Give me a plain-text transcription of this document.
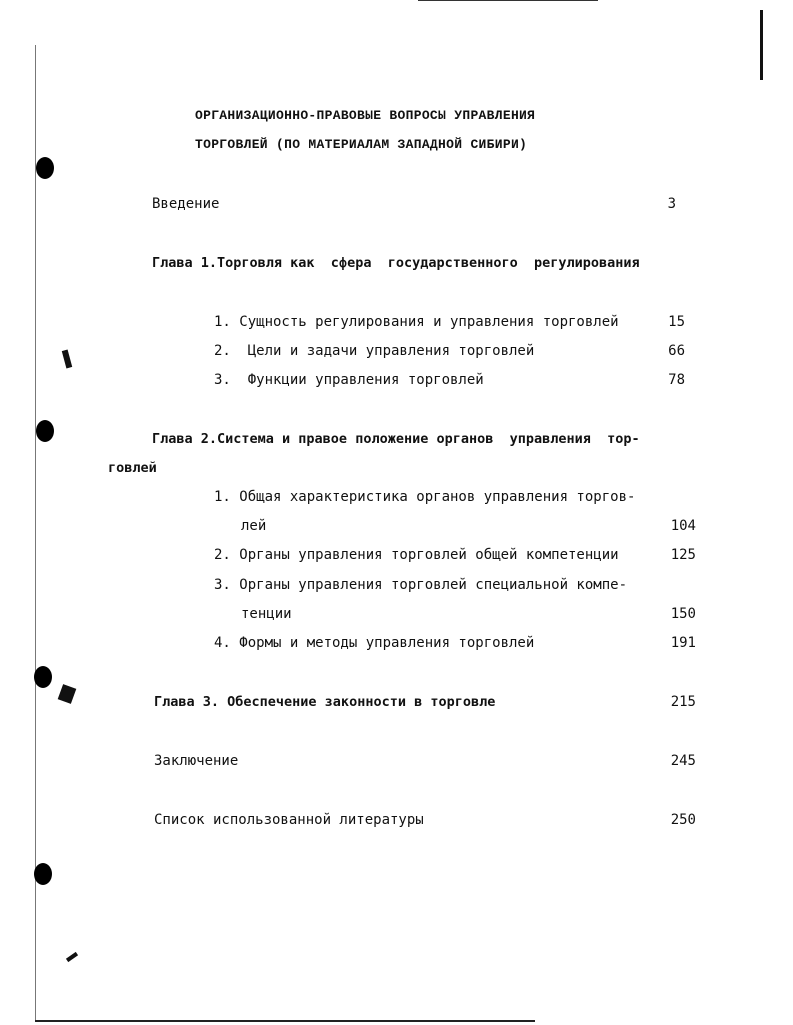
ОРГАНИЗАЦИОННО-ПРАВОВЫЕ ВОПРОСЫ УПРАВЛЕНИЯ
ТОРГОВЛЕЙ (ПО МАТЕРИАЛАМ ЗАПАДНОЙ СИБИРИ)
Введение	3
Глава 1.Торговля как  сфера  государственного  регулирования
1. Сущность регулирования и управления торговлей	15
2.  Цели и задачи управления торговлей	66
3.  Функции управления торговлей	78
Глава 2.Система и правое положение органов  управления  тор-
говлей
1. Общая характеристика органов управления торгов-
лей	104
2. Органы управления торговлей общей компетенции	125
3. Органы управления торговлей специальной компе-
тенции	150
4. Формы и методы управления торговлей	191
Глава 3. Обеспечение законности в торговле	215
Заключение	245
Список использованной литературы	250
